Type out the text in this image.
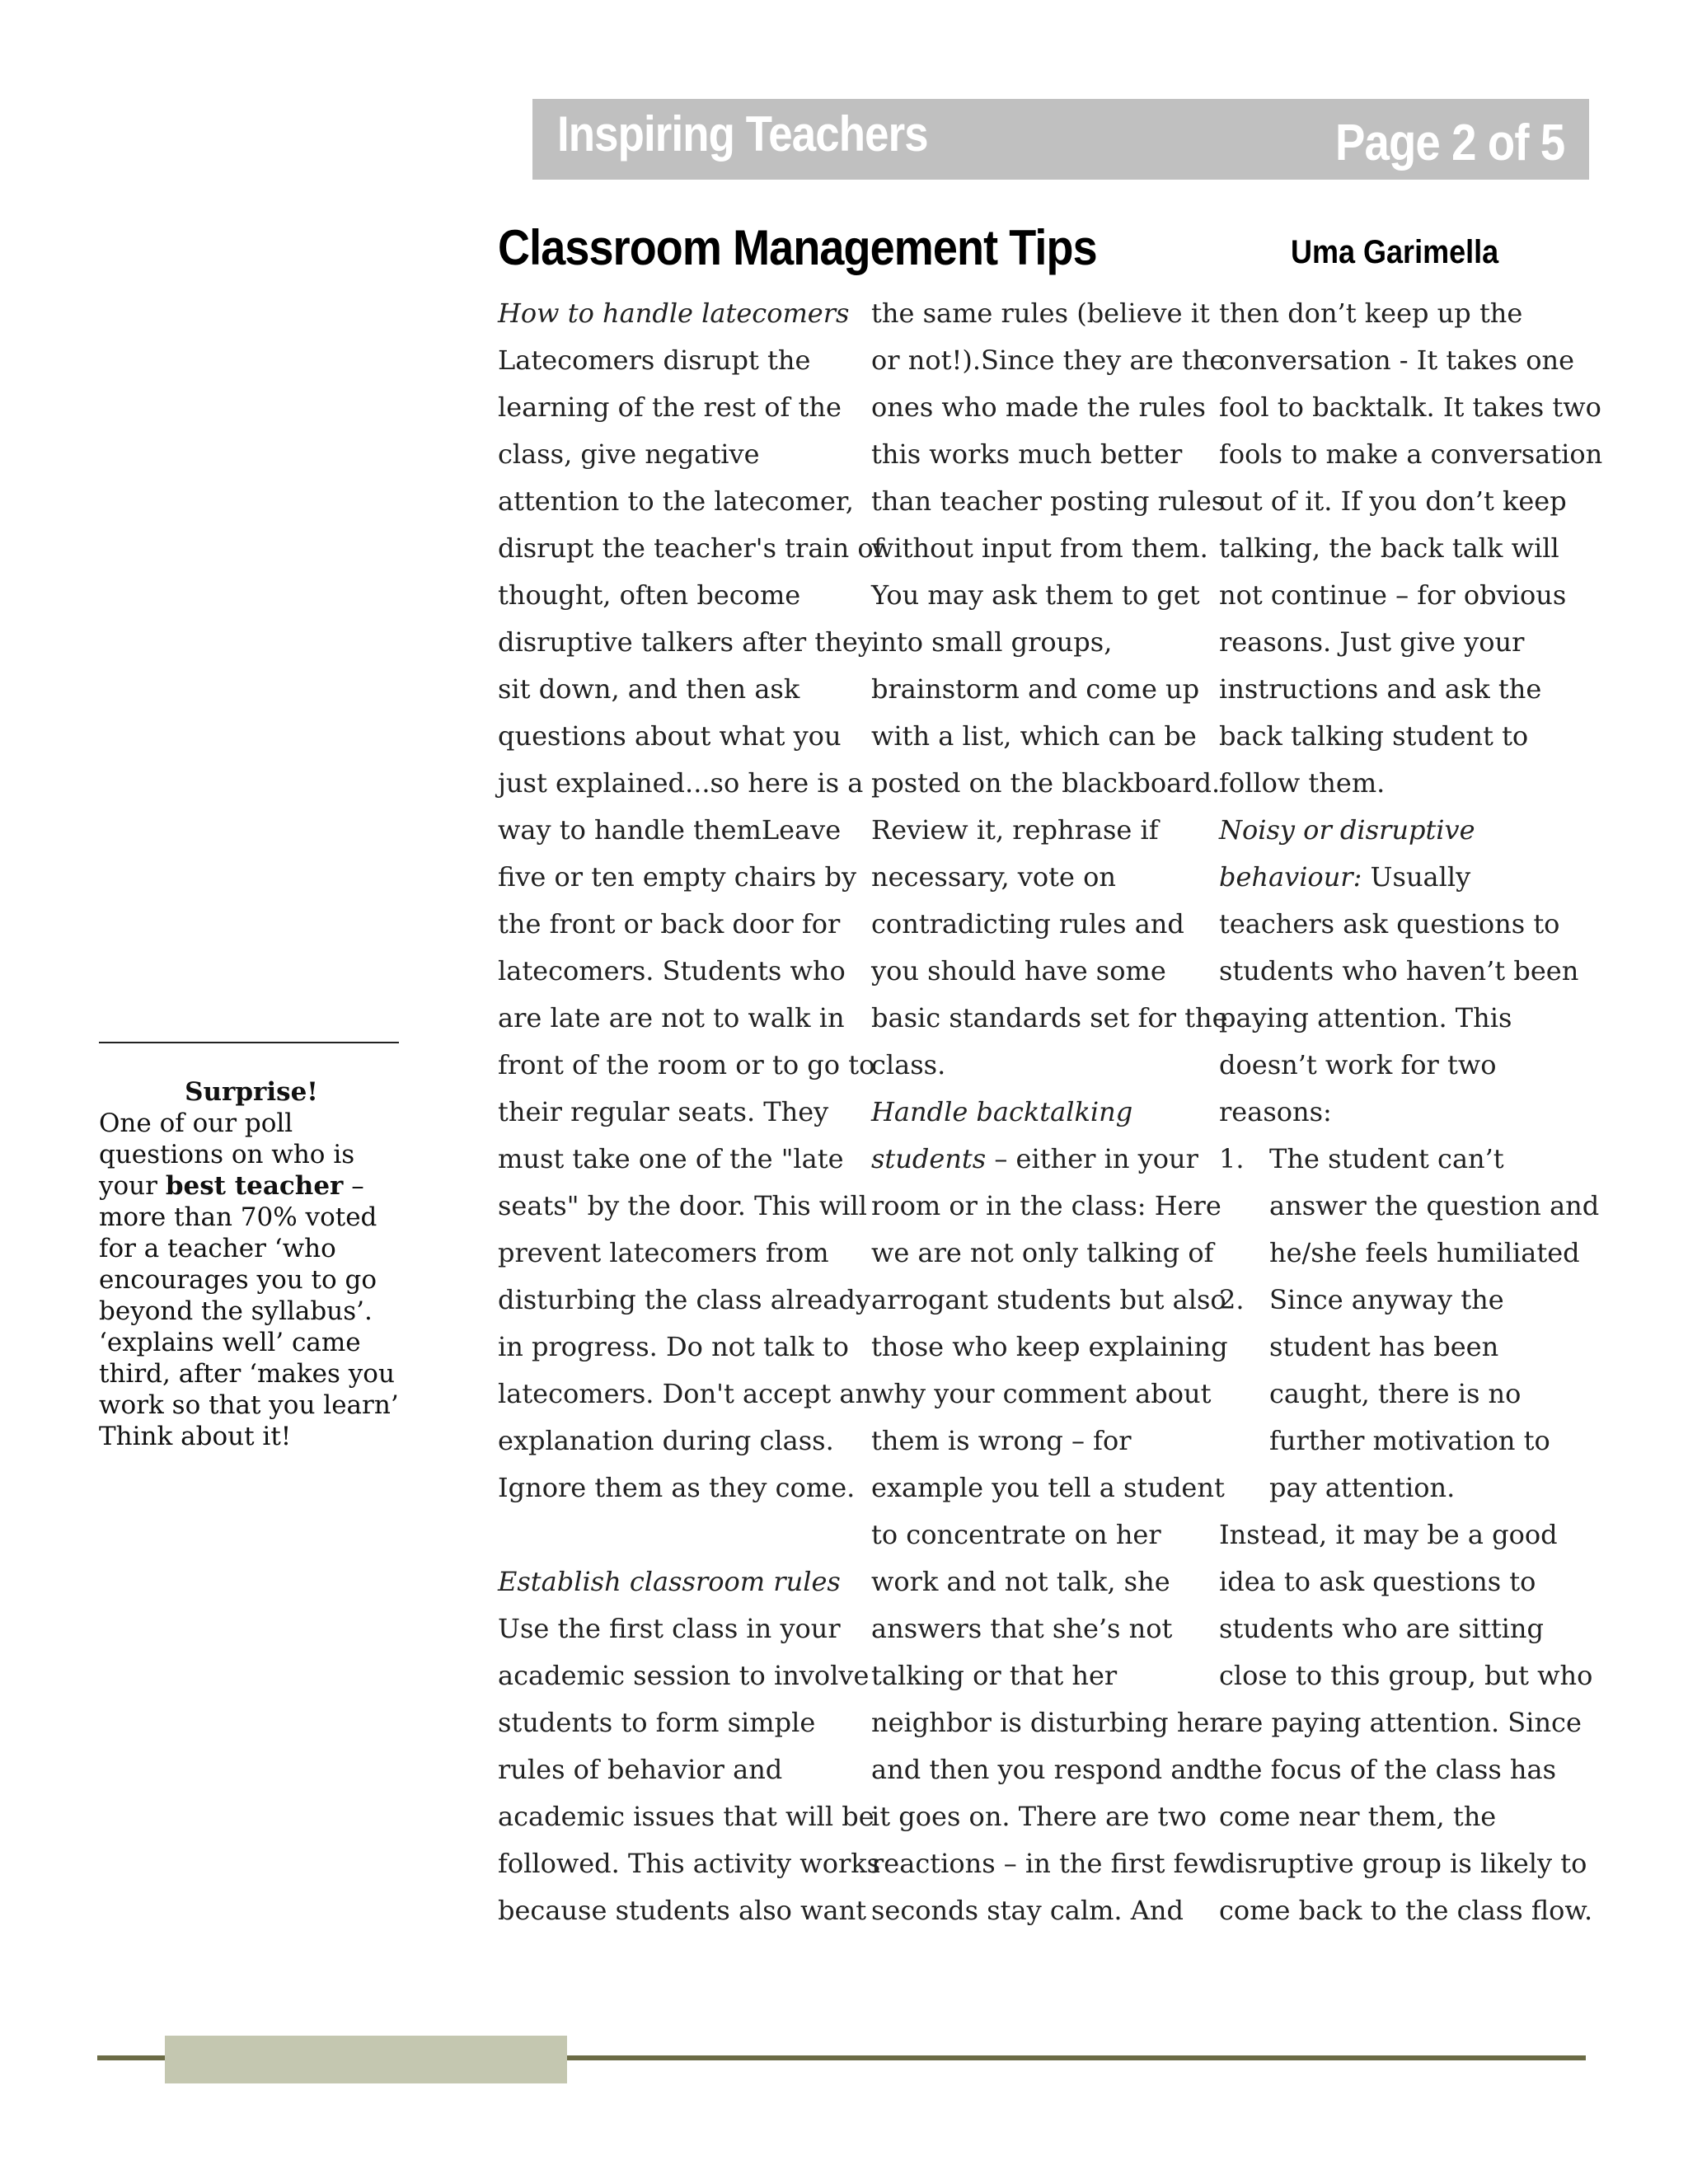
Inspiring Teachers	Page 2 of 5
Classroom Management Tips	Uma Garimella
How to handle latecomers
Latecomers disrupt the
learning of the rest of the
class, give negative
attention to the latecomer,
disrupt the teacher's train of
thought, often become
disruptive talkers after they
sit down, and then ask
questions about what you
just explained...so here is a
way to handle themLeave
five or ten empty chairs by
the front or back door for
latecomers. Students who
are late are not to walk in
front of the room or to go to
their regular seats. They
must take one of the "late
seats" by the door. This will
prevent latecomers from
disturbing the class already
in progress. Do not talk to
latecomers. Don't accept an
explanation during class.
Ignore them as they come.
Establish classroom rules
Use the first class in your
academic session to involve
students to form simple
rules of behavior and
academic issues that will be
followed. This activity works
because students also want
the same rules (believe it
or not!).Since they are the
ones who made the rules
this works much better
than teacher posting rules
without input from them.
You may ask them to get
into small groups,
brainstorm and come up
with a list, which can be
posted on the blackboard.
Review it, rephrase if
necessary, vote on
contradicting rules and
you should have some
basic standards set for the
class.
Handle backtalking
students – either in your
room or in the class: Here
we are not only talking of
arrogant students but also
those who keep explaining
why your comment about
them is wrong – for
example you tell a student
to concentrate on her
work and not talk, she
answers that she’s not
talking or that her
neighbor is disturbing her
and then you respond and
it goes on. There are two
reactions – in the first few
seconds stay calm. And
then don’t keep up the
conversation - It takes one
fool to backtalk. It takes two
fools to make a conversation
out of it. If you don’t keep
talking, the back talk will
not continue – for obvious
reasons. Just give your
instructions and ask the
back talking student to
follow them.
Noisy or disruptive
behaviour: Usually
teachers ask questions to
students who haven’t been
paying attention. This
doesn’t work for two
reasons:
1. The student can’t
answer the question and
he/she feels humiliated
2. Since anyway the
student has been
caught, there is no
further motivation to
pay attention.
Instead, it may be a good
idea to ask questions to
students who are sitting
close to this group, but who
are paying attention. Since
the focus of the class has
come near them, the
disruptive group is likely to
come back to the class flow.
Surprise!
One of our poll
questions on who is
your best teacher –
more than 70% voted
for a teacher ‘who
encourages you to go
beyond the syllabus’.
‘explains well’ came
third, after ‘makes you
work so that you learn’
Think about it!
